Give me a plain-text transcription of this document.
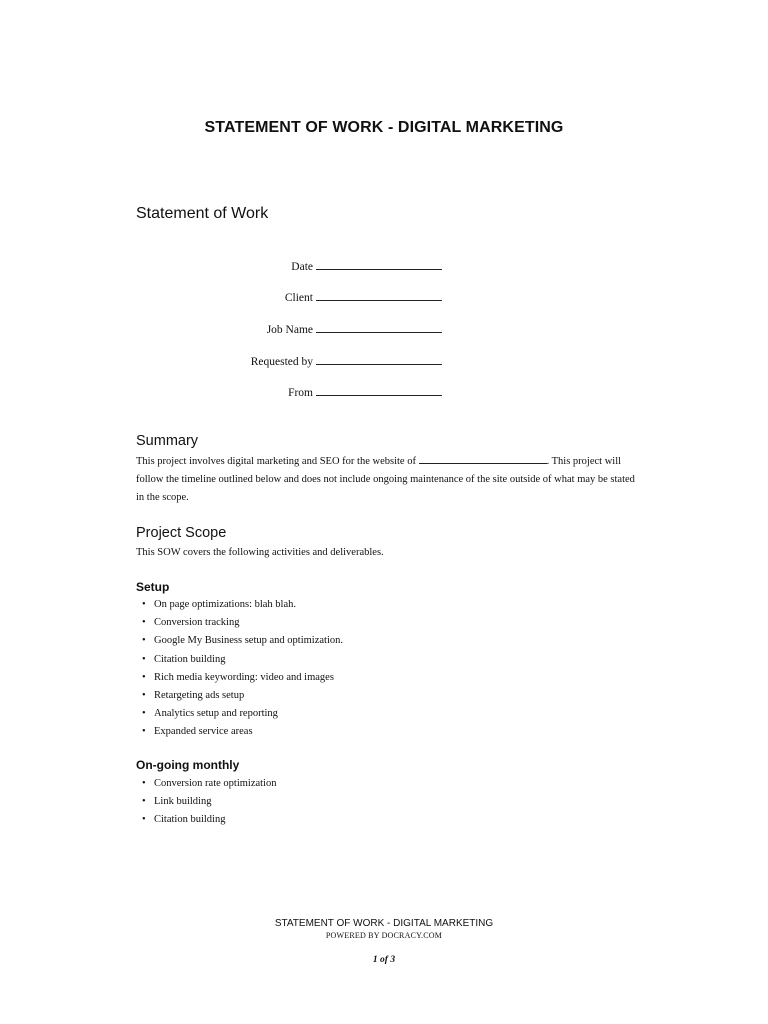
STATEMENT OF WORK - DIGITAL MARKETING
Statement of Work
Date
Client
Job Name
Requested by
From
Summary

This project involves digital marketing and SEO for the website of	. This project will follow the timeline outlined below and does not include ongoing maintenance of the site outside of what may be stated in the scope.

Project Scope

This SOW covers the following activities and deliverables.

Setup
• On page optimizations: blah blah.
• Conversion tracking
• Google My Business setup and optimization.
• Citation building
• Rich media keywording: video and images
• Retargeting ads setup
• Analytics setup and reporting
• Expanded service areas
On-going monthly
• Conversion rate optimization
• Link building
• Citation building

STATEMENT OF WORK - DIGITAL MARKETING

POWERED BY DOCRACY.COM
1 of 3
